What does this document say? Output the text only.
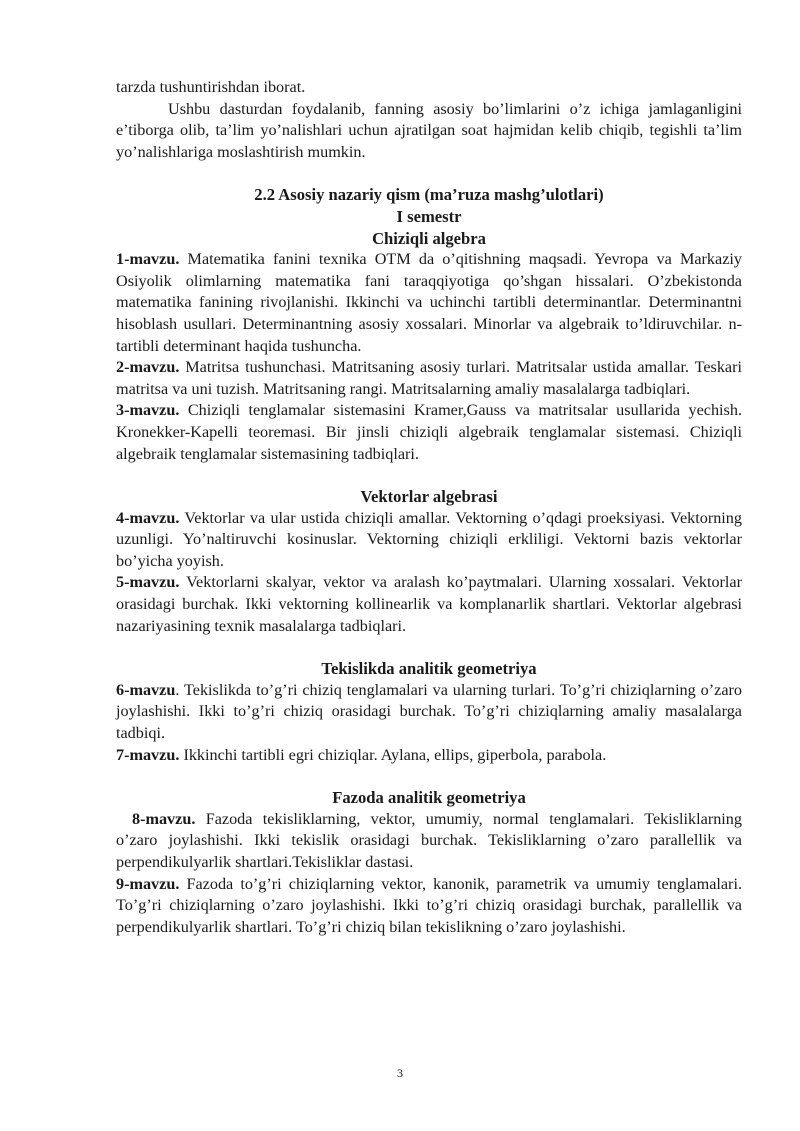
tarzda tushuntirishdan iborat.

Ushbu dasturdan foydalanib, fanning asosiy bo’limlarini o’z ichiga jamlaganligini e’tiborga olib, ta’lim yo’nalishlari uchun ajratilgan soat hajmidan kelib chiqib, tegishli ta’lim yo’nalishlariga moslashtirish mumkin.

2.2 Asosiy nazariy qism (ma’ruza mashg’ulotlari)
I semestr
Chiziqli algebra

1-mavzu. Matematika fanini texnika OTM da o’qitishning maqsadi. Yevropa va Markaziy Osiyolik olimlarning matematika fani taraqqiyotiga qo’shgan hissalari. O’zbekistonda matematika fanining rivojlanishi. Ikkinchi va uchinchi tartibli determinantlar. Determinantni hisoblash usullari. Determinantning asosiy xossalari. Minorlar va algebraik to’ldiruvchilar. n-tartibli determinant haqida tushuncha.

2-mavzu. Matritsa tushunchasi. Matritsaning asosiy turlari. Matritsalar ustida amallar. Teskari matritsa va uni tuzish. Matritsaning rangi. Matritsalarning amaliy masalalarga tadbiqlari.

3-mavzu. Chiziqli tenglamalar sistemasini Kramer,Gauss va matritsalar usullarida yechish. Kronekker-Kapelli teoremasi. Bir jinsli chiziqli algebraik tenglamalar sistemasi. Chiziqli algebraik tenglamalar sistemasining tadbiqlari.

Vektorlar algebrasi

4-mavzu. Vektorlar va ular ustida chiziqli amallar. Vektorning o’qdagi proeksiyasi. Vektorning uzunligi. Yo’naltiruvchi kosinuslar. Vektorning chiziqli erkliligi. Vektorni bazis vektorlar bo’yicha yoyish.

5-mavzu. Vektorlarni skalyar, vektor va aralash ko’paytmalari. Ularning xossalari. Vektorlar orasidagi burchak. Ikki vektorning kollinearlik va komplanarlik shartlari. Vektorlar algebrasi nazariyasining texnik masalalarga tadbiqlari.

Tekislikda analitik geometriya

6-mavzu. Tekislikda to’g’ri chiziq tenglamalari va ularning turlari. To’g’ri chiziqlarning o’zaro joylashishi. Ikki to’g’ri chiziq orasidagi burchak. To’g’ri chiziqlarning amaliy masalalarga tadbiqi.

7-mavzu. Ikkinchi tartibli egri chiziqlar. Aylana, ellips, giperbola, parabola.

Fazoda analitik geometriya

8-mavzu. Fazoda tekisliklarning, vektor, umumiy, normal tenglamalari. Tekisliklarning o’zaro joylashishi. Ikki tekislik orasidagi burchak. Tekisliklarning o’zaro parallellik va perpendikulyarlik shartlari.Tekisliklar dastasi.

9-mavzu. Fazoda to’g’ri chiziqlarning vektor, kanonik, parametrik va umumiy tenglamalari. To’g’ri chiziqlarning o’zaro joylashishi. Ikki to’g’ri chiziq orasidagi burchak, parallellik va perpendikulyarlik shartlari. To’g’ri chiziq bilan tekislikning o’zaro joylashishi.

3
